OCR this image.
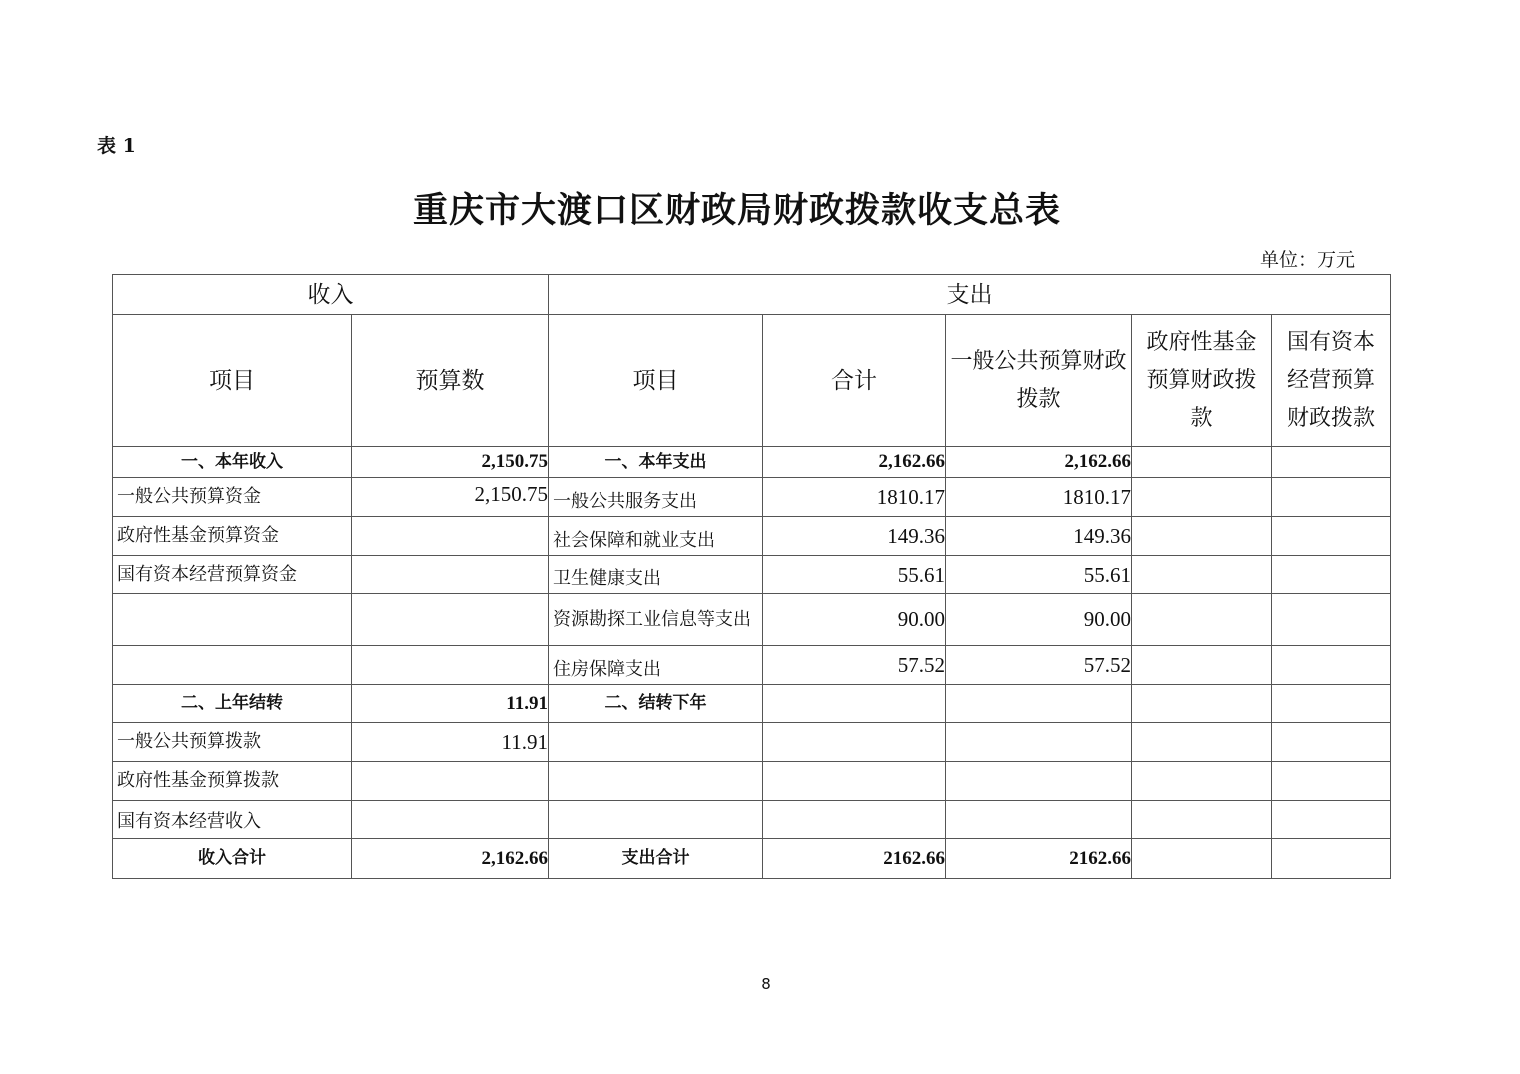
表 1
重庆市大渡口区财政局财政拨款收支总表
单位：万元
收入		支出				
项目	预算数	项目	合计	一般公共预算财政拨款	政府性基金预算财政拨款	国有资本经营预算财政拨款
一、本年收入	2,150.75	一、本年支出	2,162.66	2,162.66		
一般公共预算资金	2,150.75	一般公共服务支出	1810.17	1810.17		
政府性基金预算资金		社会保障和就业支出	149.36	149.36		
国有资本经营预算资金		卫生健康支出	55.61	55.61		
		资源勘探工业信息等支出	90.00	90.00		
		住房保障支出	57.52	57.52		
二、上年结转	11.91	二、结转下年				
一般公共预算拨款	11.91					
政府性基金预算拨款						
国有资本经营收入						
收入合计	2,162.66	支出合计	2162.66	2162.66		
8
